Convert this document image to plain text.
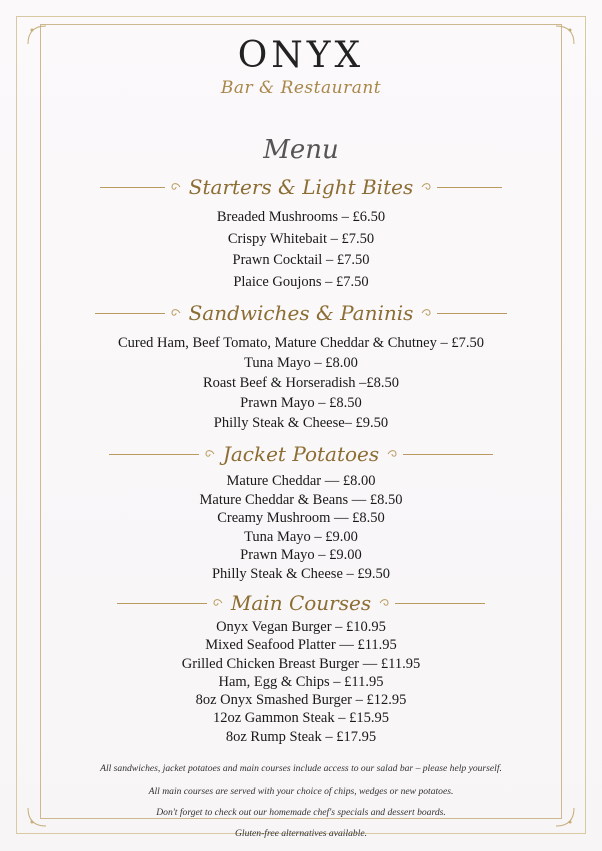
ONYX
Bar & Restaurant
Menu
Starters & Light Bites
Breaded Mushrooms – £6.50
Crispy Whitebait – £7.50
Prawn Cocktail – £7.50
Plaice Goujons – £7.50
Sandwiches & Paninis
Cured Ham, Beef Tomato, Mature Cheddar & Chutney – £7.50
Tuna Mayo – £8.00
Roast Beef & Horseradish –£8.50
Prawn Mayo – £8.50
Philly Steak & Cheese– £9.50
Jacket Potatoes
Mature Cheddar — £8.00
Mature Cheddar & Beans — £8.50
Creamy Mushroom — £8.50
Tuna Mayo – £9.00
Prawn Mayo – £9.00
Philly Steak & Cheese – £9.50
Main Courses
Onyx Vegan Burger – £10.95
Mixed Seafood Platter — £11.95
Grilled Chicken Breast Burger — £11.95
Ham, Egg & Chips – £11.95
8oz Onyx Smashed Burger – £12.95
12oz Gammon Steak – £15.95
8oz Rump Steak – £17.95
All sandwiches, jacket potatoes and main courses include access to our salad bar – please help yourself.
All main courses are served with your choice of chips, wedges or new potatoes.
Don't forget to check out our homemade chef's specials and dessert boards.
Gluten-free alternatives available.
